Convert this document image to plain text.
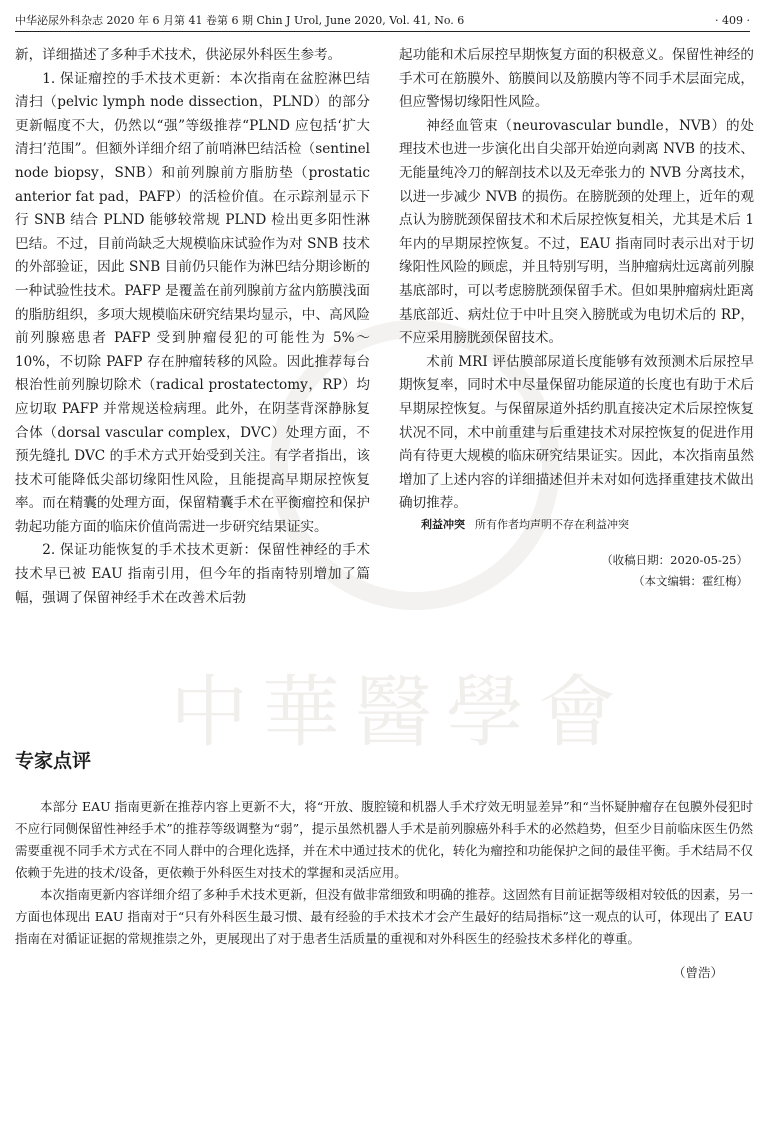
中华泌尿外科杂志 2020 年 6 月第 41 卷第 6 期 Chin J Urol, June 2020, Vol. 41, No. 6	· 409 ·
中華醫學會

新，详细描述了多种手术技术，供泌尿外科医生参考。

1. 保证瘤控的手术技术更新：本次指南在盆腔淋巴结清扫（pelvic lymph node dissection，PLND）的部分更新幅度不大，仍然以“强”等级推荐“PLND 应包括‘扩大清扫’范围”。但额外详细介绍了前哨淋巴结活检（sentinel node biopsy，SNB）和前列腺前方脂肪垫（prostatic anterior fat pad，PAFP）的活检价值。在示踪剂显示下行 SNB 结合 PLND 能够较常规 PLND 检出更多阳性淋巴结。不过，目前尚缺乏大规模临床试验作为对 SNB 技术的外部验证，因此 SNB 目前仍只能作为淋巴结分期诊断的一种试验性技术。PAFP 是覆盖在前列腺前方盆内筋膜浅面的脂肪组织，多项大规模临床研究结果均显示，中、高风险前列腺癌患者 PAFP 受到肿瘤侵犯的可能性为 5%～10%，不切除 PAFP 存在肿瘤转移的风险。因此推荐每台根治性前列腺切除术（radical prostatectomy，RP）均应切取 PAFP 并常规送检病理。此外，在阴茎背深静脉复合体（dorsal vascular complex，DVC）处理方面，不预先缝扎 DVC 的手术方式开始受到关注。有学者指出，该技术可能降低尖部切缘阳性风险，且能提高早期尿控恢复率。而在精囊的处理方面，保留精囊手术在平衡瘤控和保护勃起功能方面的临床价值尚需进一步研究结果证实。

2. 保证功能恢复的手术技术更新：保留性神经的手术技术早已被 EAU 指南引用，但今年的指南特别增加了篇幅，强调了保留神经手术在改善术后勃

起功能和术后尿控早期恢复方面的积极意义。保留性神经的手术可在筋膜外、筋膜间以及筋膜内等不同手术层面完成，但应警惕切缘阳性风险。

神经血管束（neurovascular bundle，NVB）的处理技术也进一步演化出自尖部开始逆向剥离 NVB 的技术、无能量纯冷刀的解剖技术以及无牵张力的 NVB 分离技术，以进一步减少 NVB 的损伤。在膀胱颈的处理上，近年的观点认为膀胱颈保留技术和术后尿控恢复相关，尤其是术后 1 年内的早期尿控恢复。不过，EAU 指南同时表示出对于切缘阳性风险的顾虑，并且特别写明，当肿瘤病灶远离前列腺基底部时，可以考虑膀胱颈保留手术。但如果肿瘤病灶距离基底部近、病灶位于中叶且突入膀胱或为电切术后的 RP，不应采用膀胱颈保留技术。

术前 MRI 评估膜部尿道长度能够有效预测术后尿控早期恢复率，同时术中尽量保留功能尿道的长度也有助于术后早期尿控恢复。与保留尿道外括约肌直接决定术后尿控恢复状况不同，术中前重建与后重建技术对尿控恢复的促进作用尚有待更大规模的临床研究结果证实。因此，本次指南虽然增加了上述内容的详细描述但并未对如何选择重建技术做出确切推荐。

利益冲突 所有作者均声明不存在利益冲突

（收稿日期：2020-05-25）
（本文编辑：霍红梅）
专家点评

本部分 EAU 指南更新在推荐内容上更新不大，将“开放、腹腔镜和机器人手术疗效无明显差异”和“当怀疑肿瘤存在包膜外侵犯时不应行同侧保留性神经手术”的推荐等级调整为“弱”，提示虽然机器人手术是前列腺癌外科手术的必然趋势，但至少目前临床医生仍然需要重视不同手术方式在不同人群中的合理化选择，并在术中通过技术的优化，转化为瘤控和功能保护之间的最佳平衡。手术结局不仅依赖于先进的技术/设备，更依赖于外科医生对技术的掌握和灵活应用。

本次指南更新内容详细介绍了多种手术技术更新，但没有做非常细致和明确的推荐。这固然有目前证据等级相对较低的因素，另一方面也体现出 EAU 指南对于“只有外科医生最习惯、最有经验的手术技术才会产生最好的结局指标”这一观点的认可，体现出了 EAU 指南在对循证证据的常规推崇之外，更展现出了对于患者生活质量的重视和对外科医生的经验技术多样化的尊重。

（曾浩）
